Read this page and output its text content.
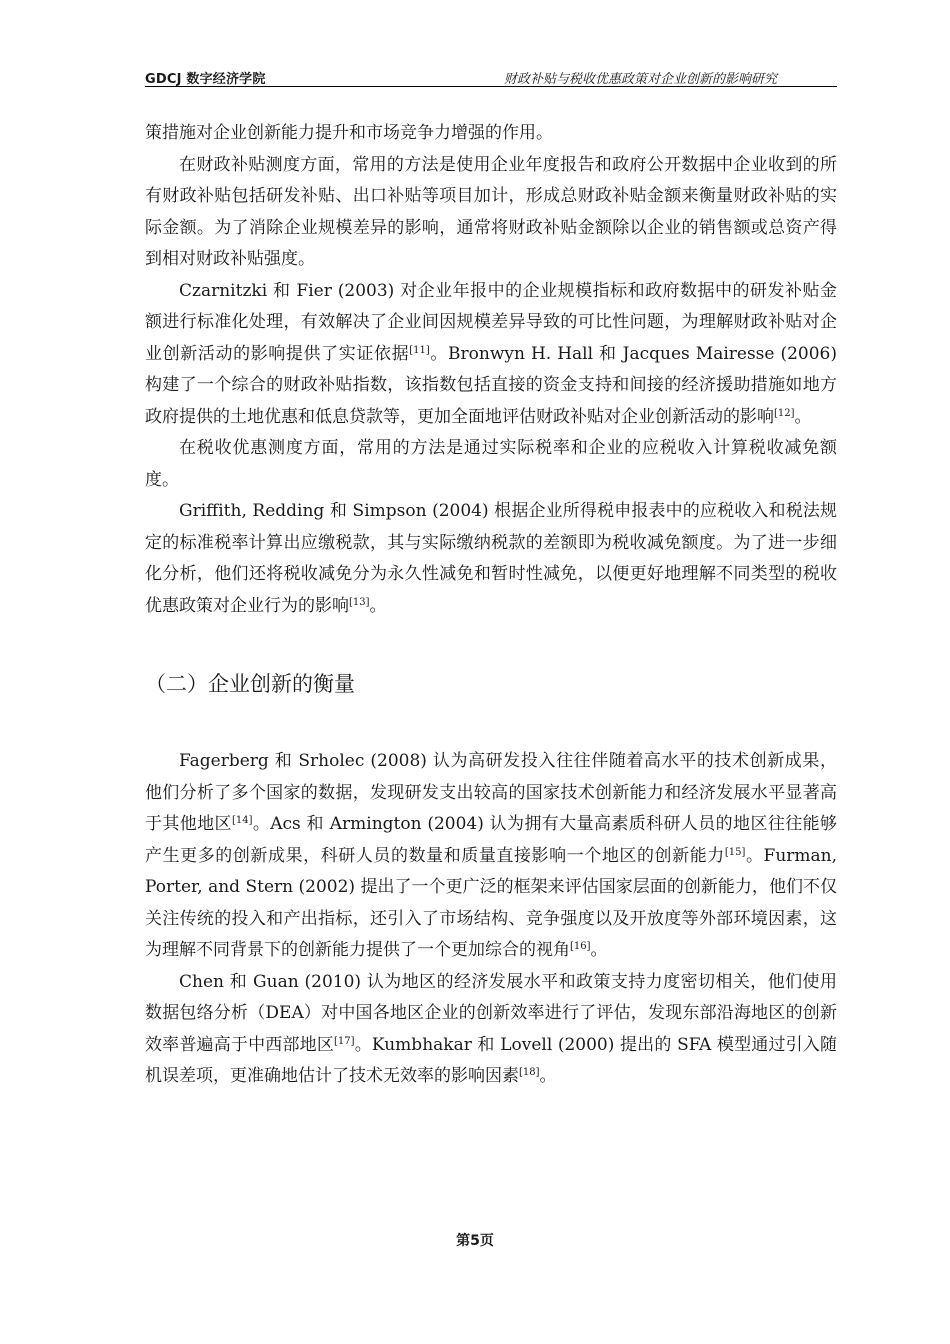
GDCJ 数字经济学院	财政补贴与税收优惠政策对企业创新的影响研究

策措施对企业创新能力提升和市场竞争力增强的作用。

在财政补贴测度方面，常用的方法是使用企业年度报告和政府公开数据中企业收到的所有财政补贴包括研发补贴、出口补贴等项目加计，形成总财政补贴金额来衡量财政补贴的实际金额。为了消除企业规模差异的影响，通常将财政补贴金额除以企业的销售额或总资产得到相对财政补贴强度。

Czarnitzki 和 Fier (2003) 对企业年报中的企业规模指标和政府数据中的研发补贴金额进行标准化处理，有效解决了企业间因规模差异导致的可比性问题，为理解财政补贴对企业创新活动的影响提供了实证依据[11]。Bronwyn H. Hall 和 Jacques Mairesse (2006) 构建了一个综合的财政补贴指数，该指数包括直接的资金支持和间接的经济援助措施如地方政府提供的土地优惠和低息贷款等，更加全面地评估财政补贴对企业创新活动的影响[12]。

在税收优惠测度方面，常用的方法是通过实际税率和企业的应税收入计算税收减免额度。

Griffith, Redding 和 Simpson (2004) 根据企业所得税申报表中的应税收入和税法规定的标准税率计算出应缴税款，其与实际缴纳税款的差额即为税收减免额度。为了进一步细化分析，他们还将税收减免分为永久性减免和暂时性减免，以便更好地理解不同类型的税收优惠政策对企业行为的影响[13]。

（二）企业创新的衡量

Fagerberg 和 Srholec (2008) 认为高研发投入往往伴随着高水平的技术创新成果，他们分析了多个国家的数据，发现研发支出较高的国家技术创新能力和经济发展水平显著高于其他地区[14]。Acs 和 Armington (2004) 认为拥有大量高素质科研人员的地区往往能够产生更多的创新成果，科研人员的数量和质量直接影响一个地区的创新能力[15]。Furman, Porter, and Stern (2002) 提出了一个更广泛的框架来评估国家层面的创新能力，他们不仅关注传统的投入和产出指标，还引入了市场结构、竞争强度以及开放度等外部环境因素，这为理解不同背景下的创新能力提供了一个更加综合的视角[16]。

Chen 和 Guan (2010) 认为地区的经济发展水平和政策支持力度密切相关，他们使用数据包络分析（DEA）对中国各地区企业的创新效率进行了评估，发现东部沿海地区的创新效率普遍高于中西部地区[17]。Kumbhakar 和 Lovell (2000) 提出的 SFA 模型通过引入随机误差项，更准确地估计了技术无效率的影响因素[18]。

第5页
